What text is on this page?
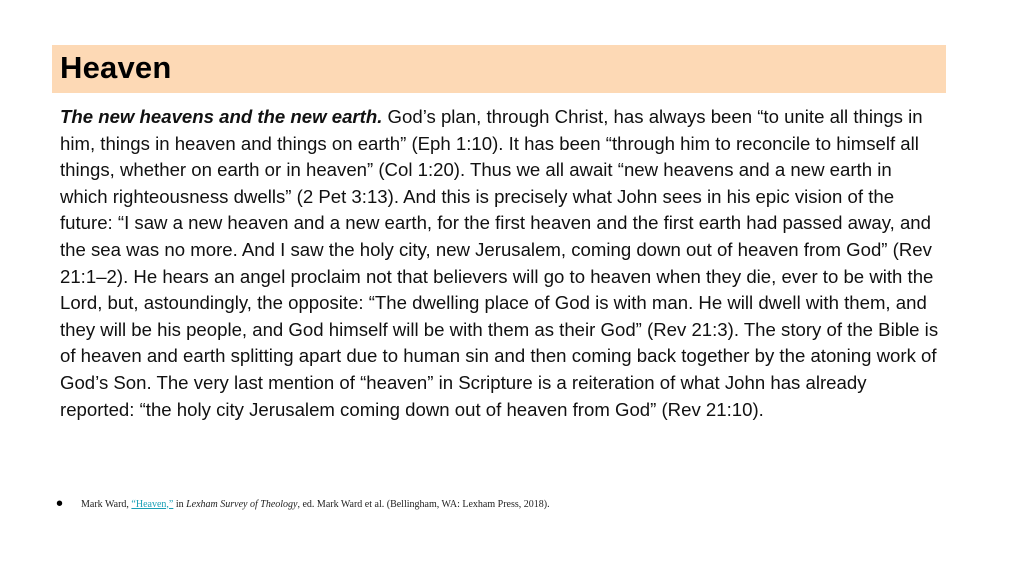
Heaven

The new heavens and the new earth. God’s plan, through Christ, has always been “to unite all things in him, things in heaven and things on earth” (Eph 1:10). It has been “through him to reconcile to himself all things, whether on earth or in heaven” (Col 1:20). Thus we all await “new heavens and a new earth in which righteousness dwells” (2 Pet 3:13). And this is precisely what John sees in his epic vision of the future: “I saw a new heaven and a new earth, for the first heaven and the first earth had passed away, and the sea was no more. And I saw the holy city, new Jerusalem, coming down out of heaven from God” (Rev 21:1–2). He hears an angel proclaim not that believers will go to heaven when they die, ever to be with the Lord, but, astoundingly, the opposite: “The dwelling place of God is with man. He will dwell with them, and they will be his people, and God himself will be with them as their God” (Rev 21:3). The story of the Bible is of heaven and earth splitting apart due to human sin and then coming back together by the atoning work of God’s Son. The very last mention of “heaven” in Scripture is a reiteration of what John has already reported: “the holy city Jerusalem coming down out of heaven from God” (Rev 21:10).

• Mark Ward, “Heaven,” in Lexham Survey of Theology, ed. Mark Ward et al. (Bellingham, WA: Lexham Press, 2018).
